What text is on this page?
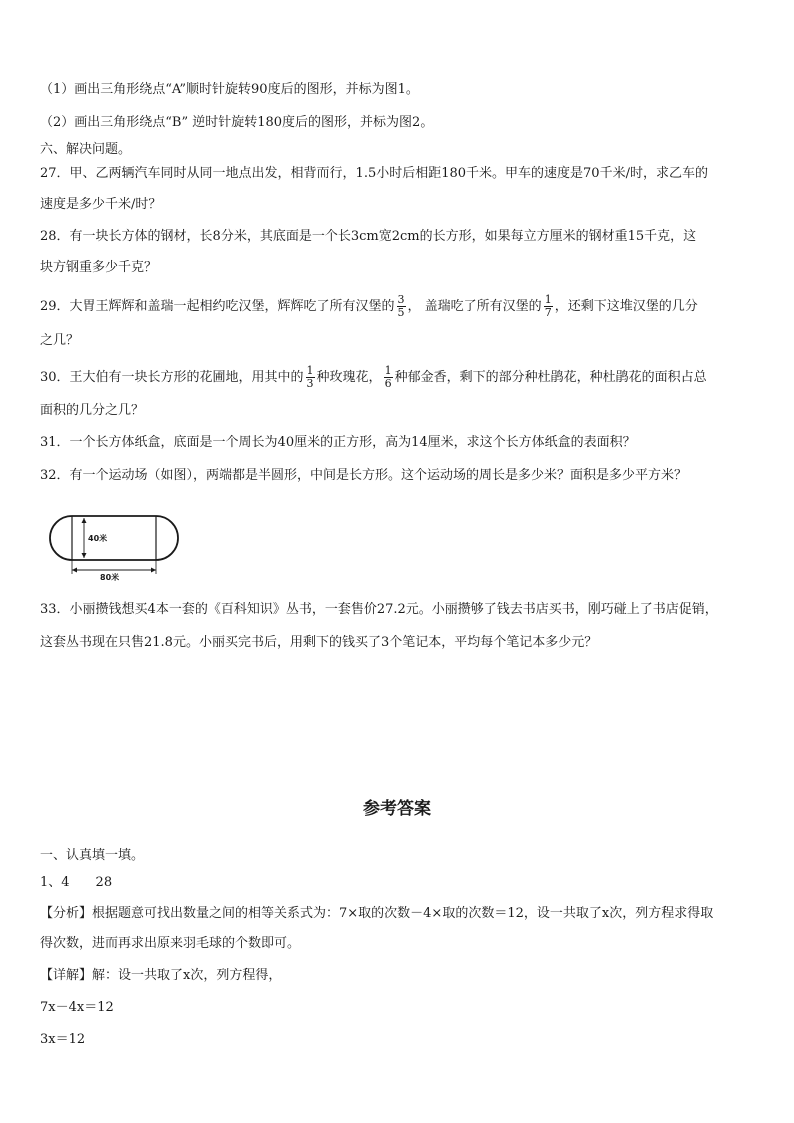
（1）画出三角形绕点“A”顺时针旋转90度后的图形，并标为图1。
（2）画出三角形绕点“B” 逆时针旋转180度后的图形，并标为图2。
六、解决问题。
27．甲、乙两辆汽车同时从同一地点出发，相背而行，1.5小时后相距180千米。甲车的速度是70千米/时，求乙车的
速度是多少千米/时？
28．有一块长方体的钢材，长8分米，其底面是一个长3cm宽2cm的长方形，如果每立方厘米的钢材重15千克，这
块方钢重多少千克？
29．大胃王辉辉和盖瑞一起相约吃汉堡，辉辉吃了所有汉堡的 $\frac{3}{5}$ ， 盖瑞吃了所有汉堡的 $\frac{1}{7}$ ，还剩下这堆汉堡的几分
之几？
30．王大伯有一块长方形的花圃地，用其中的 $\frac{1}{3}$ 种玫瑰花， $\frac{1}{6}$ 种郁金香，剩下的部分种杜鹃花，种杜鹃花的面积占总
面积的几分之几？
31．一个长方体纸盒，底面是一个周长为40厘米的正方形，高为14厘米，求这个长方体纸盒的表面积？
32．有一个运动场（如图），两端都是半圆形，中间是长方形。这个运动场的周长是多少米？面积是多少平方米？
40米
80米
33．小丽攒钱想买4本一套的《百科知识》丛书，一套售价27.2元。小丽攒够了钱去书店买书，刚巧碰上了书店促销，
这套丛书现在只售21.8元。小丽买完书后，用剩下的钱买了3个笔记本，平均每个笔记本多少元？
参考答案
一、认真填一填。
1、4　　28
【分析】根据题意可找出数量之间的相等关系式为：7×取的次数－4×取的次数＝12，设一共取了x次，列方程求得取
得次数，进而再求出原来羽毛球的个数即可。
【详解】解：设一共取了x次，列方程得，
7x－4x＝12
3x＝12
